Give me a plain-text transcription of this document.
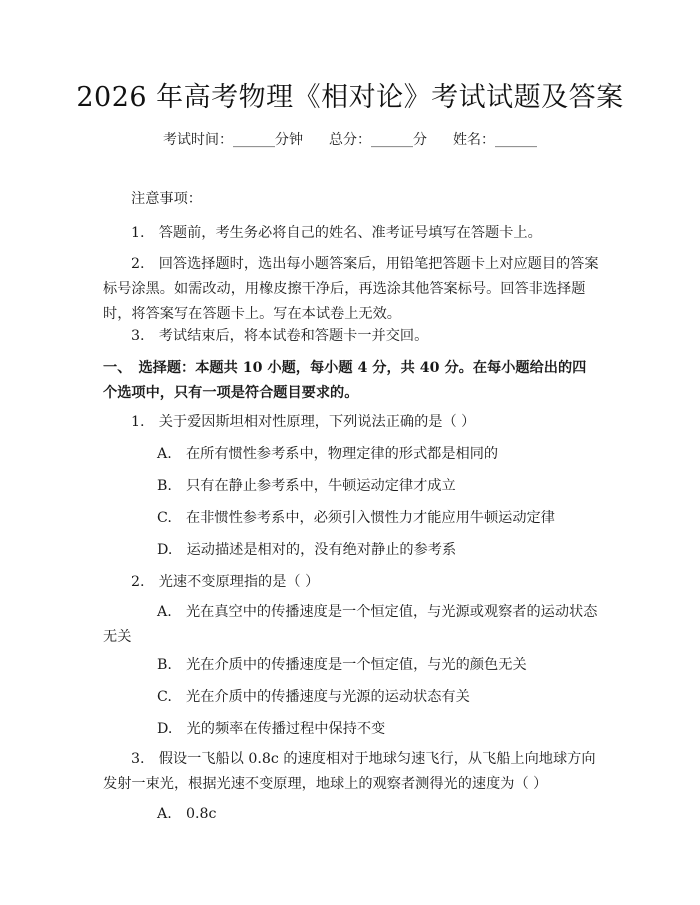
2026 年高考物理《相对论》考试试题及答案
考试时间：______分钟 总分：______分 姓名：______

注意事项：

1.　答题前，考生务必将自己的姓名、准考证号填写在答题卡上。

2.　回答选择题时，选出每小题答案后，用铅笔把答题卡上对应题目的答案标号涂黑。如需改动，用橡皮擦干净后，再选涂其他答案标号。回答非选择题时，将答案写在答题卡上。写在本试卷上无效。

3.　考试结束后，将本试卷和答题卡一并交回。

一、　选择题：本题共 10 小题，每小题 4 分，共 40 分。在每小题给出的四个选项中，只有一项是符合题目要求的。

1.　关于爱因斯坦相对性原理，下列说法正确的是（ ）

A.　在所有惯性参考系中，物理定律的形式都是相同的

B.　只有在静止参考系中，牛顿运动定律才成立

C.　在非惯性参考系中，必须引入惯性力才能应用牛顿运动定律

D.　运动描述是相对的，没有绝对静止的参考系

2.　光速不变原理指的是（ ）

A.　光在真空中的传播速度是一个恒定值，与光源或观察者的运动状态无关

B.　光在介质中的传播速度是一个恒定值，与光的颜色无关

C.　光在介质中的传播速度与光源的运动状态有关

D.　光的频率在传播过程中保持不变

3.　假设一飞船以 0.8c 的速度相对于地球匀速飞行，从飞船上向地球方向发射一束光，根据光速不变原理，地球上的观察者测得光的速度为（ ）

A.　0.8c
